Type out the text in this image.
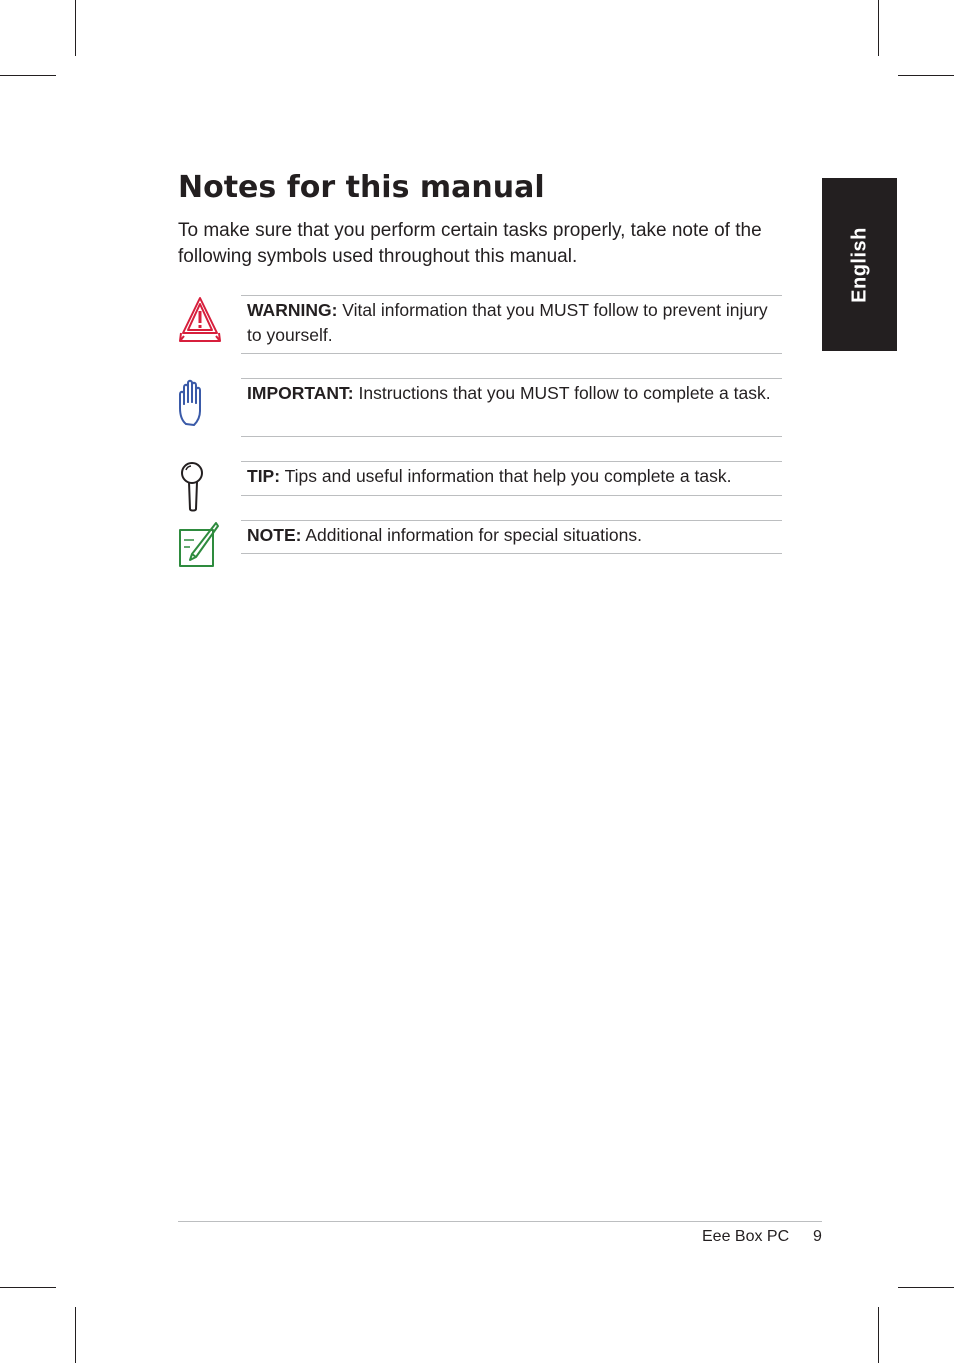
English
Notes for this manual

To make sure that you perform certain tasks properly, take note of the following symbols used throughout this manual.

WARNING: Vital information that you MUST follow to prevent injury to yourself.
IMPORTANT: Instructions that you MUST follow to complete a task.
TIP: Tips and useful information that help you complete a task.
NOTE: Additional information for special situations.
Eee Box PC 9
